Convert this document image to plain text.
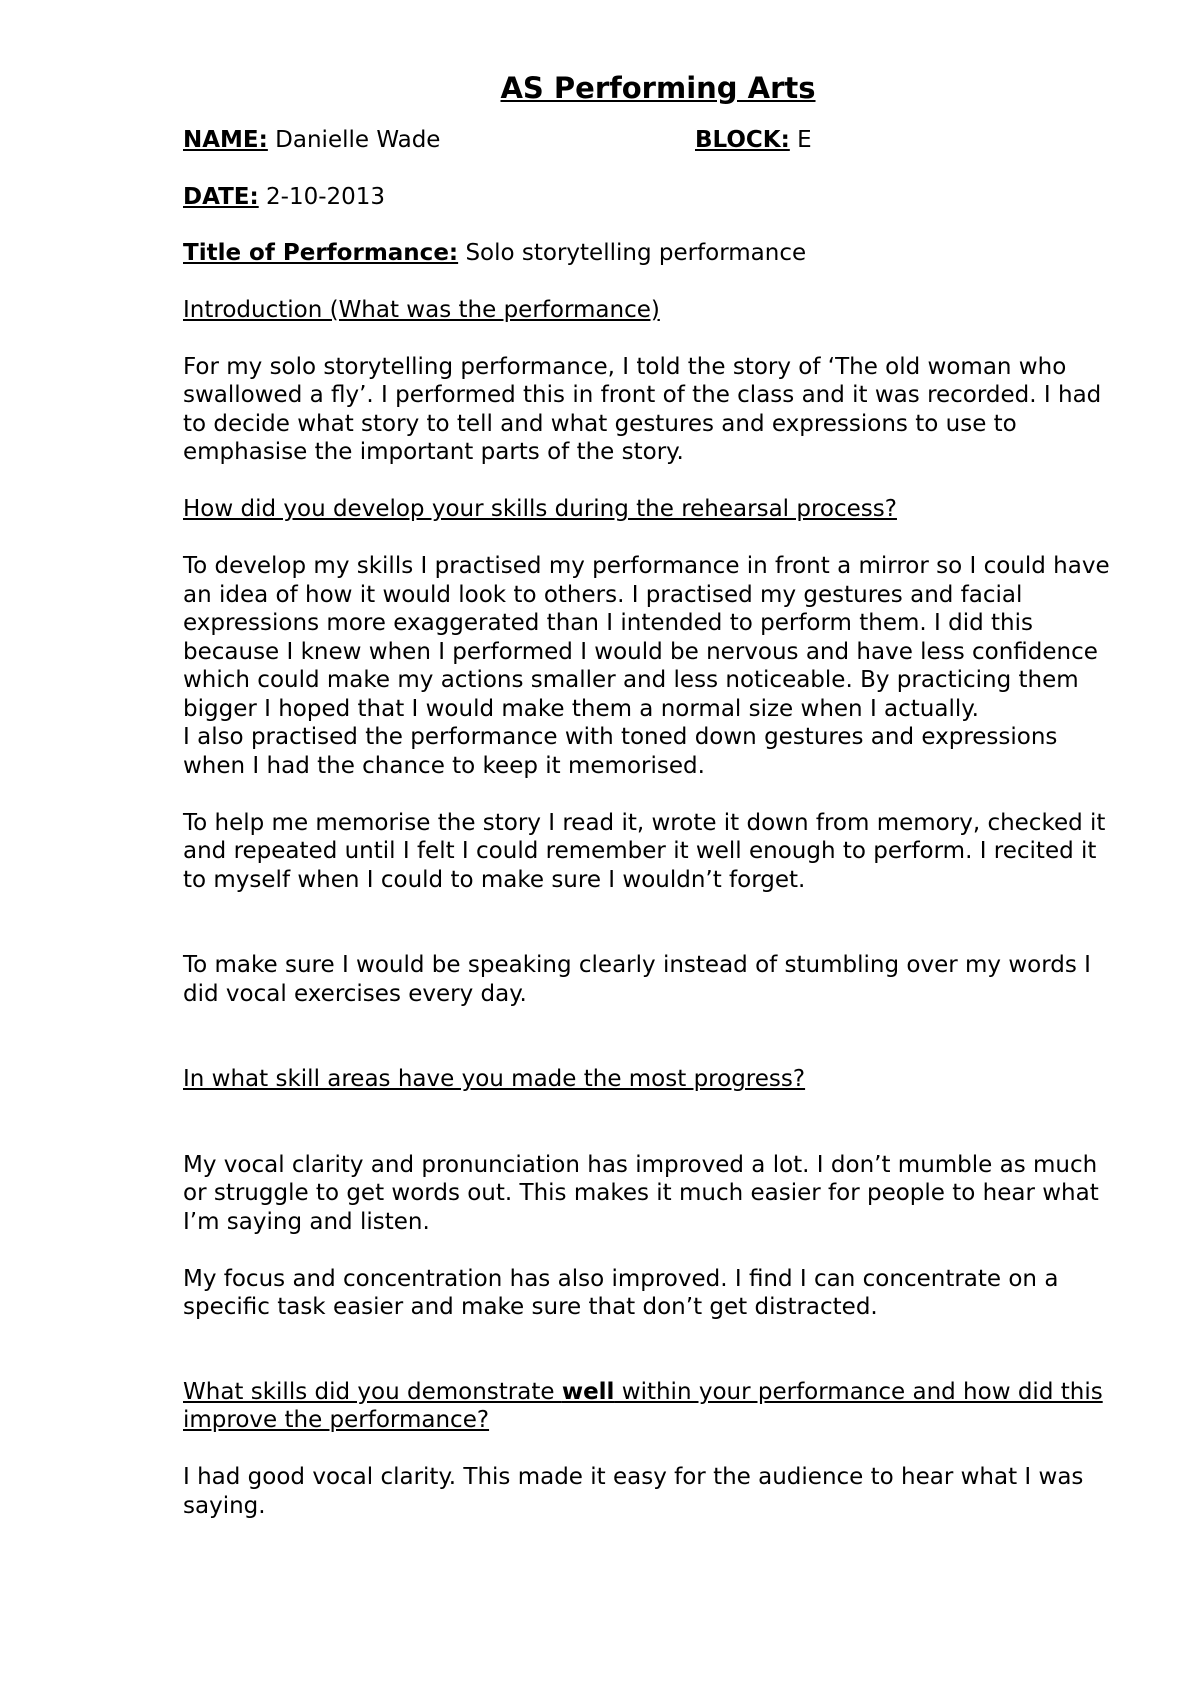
AS Performing Arts
NAME: Danielle Wade	BLOCK: E
DATE: 2-10-2013
Title of Performance: Solo storytelling performance

Introduction (What was the performance)

For my solo storytelling performance, I told the story of ‘The old woman who swallowed a fly’. I performed this in front of the class and it was recorded. I had to decide what story to tell and what gestures and expressions to use to emphasise the important parts of the story.

How did you develop your skills during the rehearsal process?

To develop my skills I practised my performance in front a mirror so I could have an idea of how it would look to others. I practised my gestures and facial expressions more exaggerated than I intended to perform them. I did this because I knew when I performed I would be nervous and have less confidence which could make my actions smaller and less noticeable. By practicing them bigger I hoped that I would make them a normal size when I actually.

I also practised the performance with toned down gestures and expressions when I had the chance to keep it memorised.

To help me memorise the story I read it, wrote it down from memory, checked it and repeated until I felt I could remember it well enough to perform. I recited it to myself when I could to make sure I wouldn’t forget.

To make sure I would be speaking clearly instead of stumbling over my words I did vocal exercises every day.

In what skill areas have you made the most progress?

My vocal clarity and pronunciation has improved a lot. I don’t mumble as much or struggle to get words out. This makes it much easier for people to hear what I’m saying and listen.

My focus and concentration has also improved. I find I can concentrate on a specific task easier and make sure that don’t get distracted.

What skills did you demonstrate well within your performance and how did this improve the performance?

I had good vocal clarity. This made it easy for the audience to hear what I was saying.
